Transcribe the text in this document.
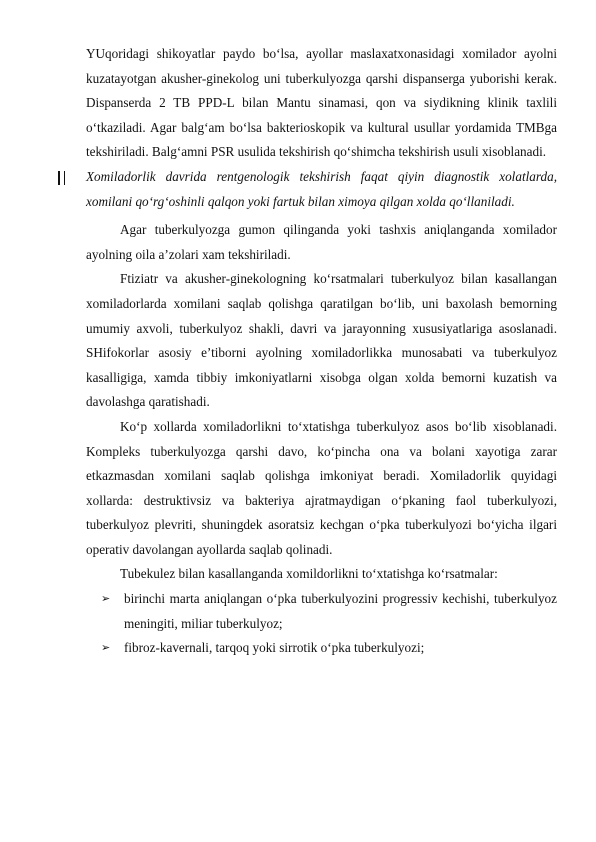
YUqoridagi shikoyatlar paydo bo‘lsa, ayollar maslaxatxonasidagi xomilador ayolni kuzatayotgan akusher-ginekolog uni tuberkulyozga qarshi dispanserga yuborishi kerak. Dispanserda 2 TB PPD-L bilan Mantu sinamasi, qon va siydikning klinik taxlili o‘tkaziladi. Agar balg‘am bo‘lsa bakterioskopik va kultural usullar yordamida TMBga tekshiriladi. Balg‘amni PSR usulida tekshirish qo‘shimcha tekshirish usuli xisoblanadi.

Xomiladorlik davrida rentgenologik tekshirish faqat qiyin diagnostik xolatlarda, xomilani qo‘rg‘oshinli qalqon yoki fartuk bilan ximoya qilgan xolda qo‘llaniladi.

Agar tuberkulyozga gumon qilinganda yoki tashxis aniqlanganda xomilador ayolning oila a’zolari xam tekshiriladi.

Ftiziatr va akusher-ginekologning ko‘rsatmalari tuberkulyoz bilan kasallangan xomiladorlarda xomilani saqlab qolishga qaratilgan bo‘lib, uni baxolash bemorning umumiy axvoli, tuberkulyoz shakli, davri va jarayonning xususiyatlariga asoslanadi. SHifokorlar asosiy e’tiborni ayolning xomiladorlikka munosabati va tuberkulyoz kasalligiga, xamda tibbiy imkoniyatlarni xisobga olgan xolda bemorni kuzatish va davolashga qaratishadi.

Ko‘p xollarda xomiladorlikni to‘xtatishga tuberkulyoz asos bo‘lib xisoblanadi. Kompleks tuberkulyozga qarshi davo, ko‘pincha ona va bolani xayotiga zarar etkazmasdan xomilani saqlab qolishga imkoniyat beradi. Xomiladorlik quyidagi xollarda: destruktivsiz va bakteriya ajratmaydigan o‘pkaning faol tuberkulyozi, tuberkulyoz plevriti, shuningdek asoratsiz kechgan o‘pka tuberkulyozi bo‘yicha ilgari operativ davolangan ayollarda saqlab qolinadi.

Tubekulez bilan kasallanganda xomildorlikni to‘xtatishga ko‘rsatmalar:

➢ birinchi marta aniqlangan o‘pka tuberkulyozini progressiv kechishi, tuberkulyoz meningiti, miliar tuberkulyoz;
➢ fibroz-kavernali, tarqoq yoki sirrotik o‘pka tuberkulyozi;
